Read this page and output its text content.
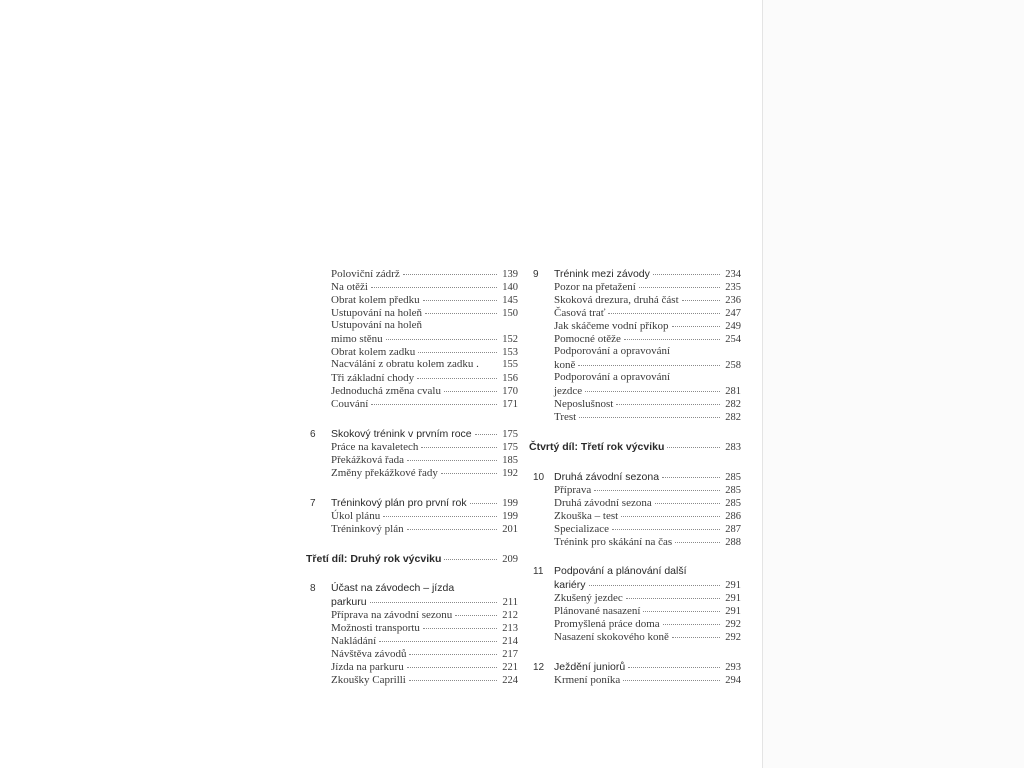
Poloviční zádrž	139
Na otěži	140
Obrat kolem předku	145
Ustupování na holeň	150
Ustupování na holeň
mimo stěnu	152
Obrat kolem zadku	153
Nacválání z obratu kolem zadku . 155
Tři základní chody	156
Jednoduchá změna cvalu	170
Couvání	171
6	Skokový trénink v prvním roce	175
Práce na kavaletech	175
Překážková řada	185
Změny překážkové řady	192
7	Tréninkový plán pro první rok	199
Úkol plánu	199
Tréninkový plán	201
Třetí díl: Druhý rok výcviku	209
8	Účast na závodech – jízda
parkuru	211
Příprava na závodní sezonu	212
Možnosti transportu	213
Nakládání	214
Návštěva závodů	217
Jízda na parkuru	221
Zkoušky Caprilli	224
9	Trénink mezi závody	234
Pozor na přetažení	235
Skoková drezura, druhá část	236
Časová trať	247
Jak skáčeme vodní příkop	249
Pomocné otěže	254
Podporování a opravování
koně	258
Podporování a opravování
jezdce	281
Neposlušnost	282
Trest	282
Čtvrtý díl: Třetí rok výcviku	283
10 Druhá závodní sezona	285
Příprava	285
Druhá závodní sezona	285
Zkouška – test	286
Specializace	287
Trénink pro skákání na čas	288
11	Podpování a plánování další
kariéry	291
Zkušený jezdec	291
Plánované nasazení	291
Promyšlená práce doma	292
Nasazení skokového koně	292
12 Ježdění juniorů	293
Krmení poníka	294
